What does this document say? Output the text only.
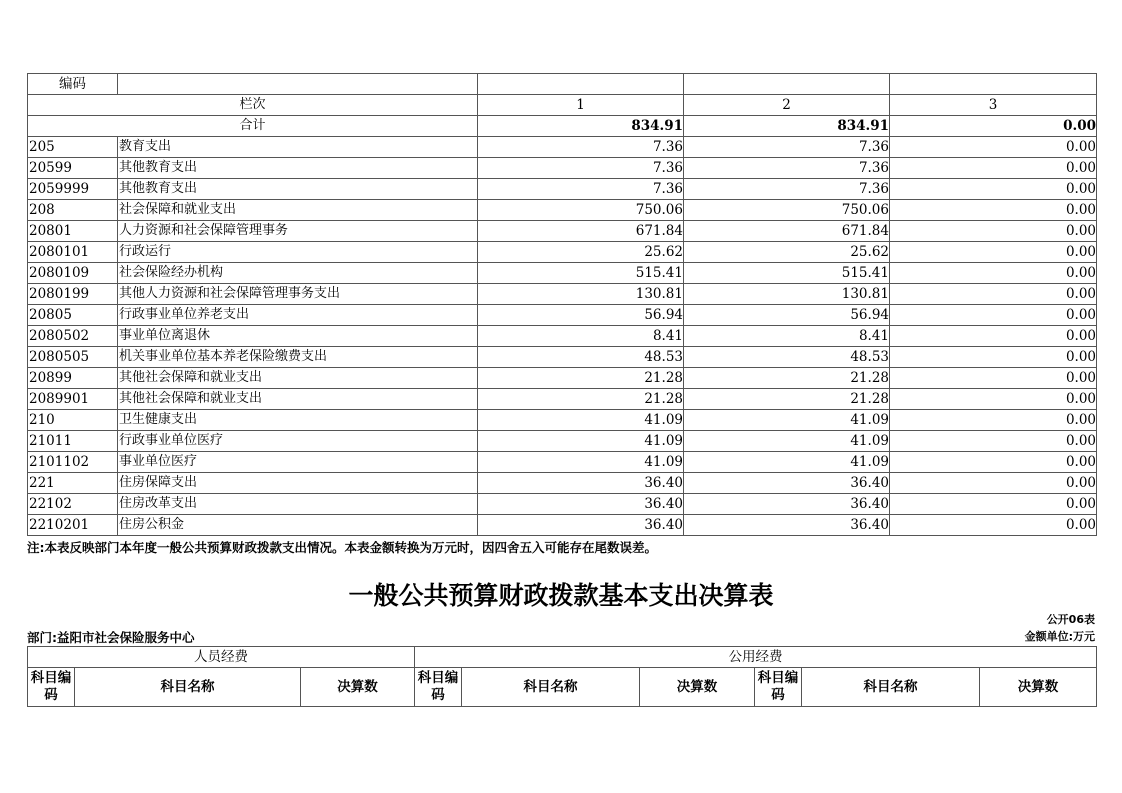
编码				
栏次		1	2	3
合计		834.91	834.91	0.00
205	教育支出	7.36	7.36	0.00
20599	其他教育支出	7.36	7.36	0.00
2059999	其他教育支出	7.36	7.36	0.00
208	社会保障和就业支出	750.06	750.06	0.00
20801	人力资源和社会保障管理事务	671.84	671.84	0.00
2080101	行政运行	25.62	25.62	0.00
2080109	社会保险经办机构	515.41	515.41	0.00
2080199	其他人力资源和社会保障管理事务支出	130.81	130.81	0.00
20805	行政事业单位养老支出	56.94	56.94	0.00
2080502	事业单位离退休	8.41	8.41	0.00
2080505	机关事业单位基本养老保险缴费支出	48.53	48.53	0.00
20899	其他社会保障和就业支出	21.28	21.28	0.00
2089901	其他社会保障和就业支出	21.28	21.28	0.00
210	卫生健康支出	41.09	41.09	0.00
21011	行政事业单位医疗	41.09	41.09	0.00
2101102	事业单位医疗	41.09	41.09	0.00
221	住房保障支出	36.40	36.40	0.00
22102	住房改革支出	36.40	36.40	0.00
2210201	住房公积金	36.40	36.40	0.00
注:本表反映部门本年度一般公共预算财政拨款支出情况。本表金额转换为万元时，因四舍五入可能存在尾数误差。
一般公共预算财政拨款基本支出决算表
公开06表
部门:益阳市社会保险服务中心	金额单位:万元
人员经费			公用经费					
科目编码	科目名称	决算数	科目编码	科目名称	决算数	科目编码	科目名称	决算数
